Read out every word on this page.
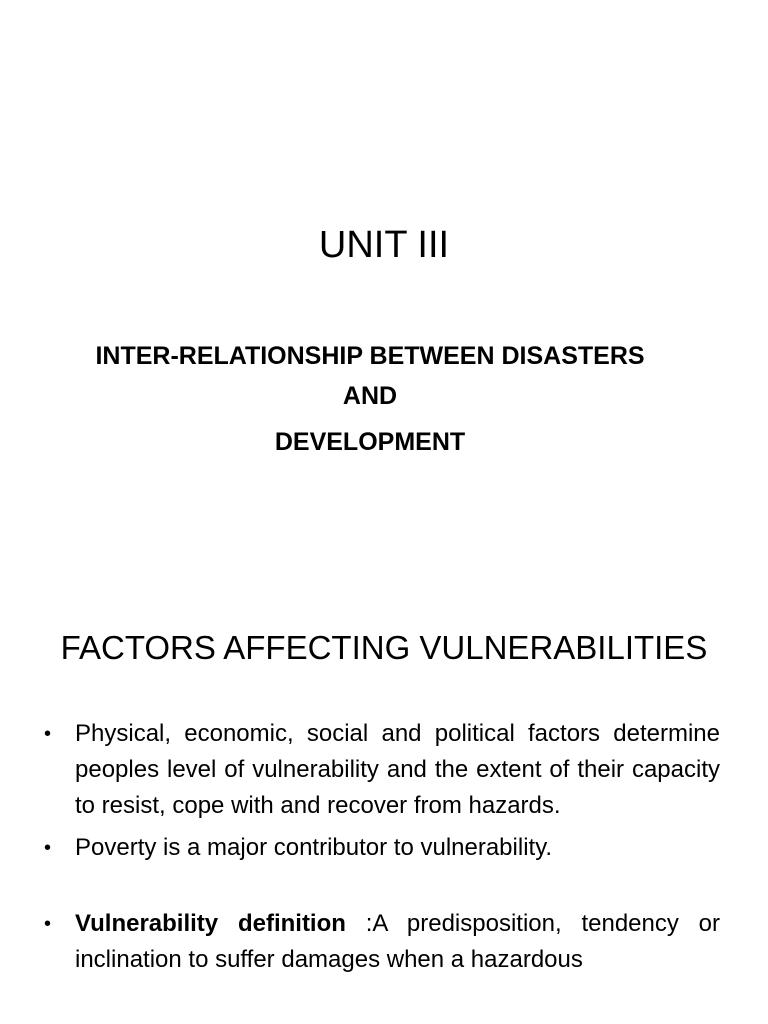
UNIT III
INTER-RELATIONSHIP BETWEEN DISASTERS
AND
DEVELOPMENT
FACTORS AFFECTING VULNERABILITIES
• Physical, economic, social and political factors determine peoples level of vulnerability and the extent of their capacity to resist, cope with and recover from hazards.
• Poverty is a major contributor to vulnerability.
• Vulnerability definition :A predisposition, tendency or inclination to suffer damages when a hazardous
